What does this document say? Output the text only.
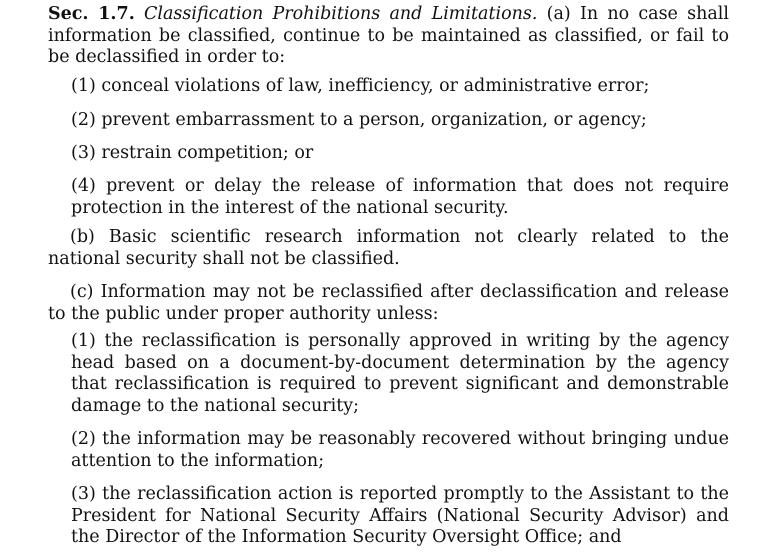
Sec. 1.7. Classification Prohibitions and Limitations. (a) In no case shall information be classified, continue to be maintained as classified, or fail to be declassified in order to:

(1) conceal violations of law, inefficiency, or administrative error;

(2) prevent embarrassment to a person, organization, or agency;

(3) restrain competition; or

(4) prevent or delay the release of information that does not require protection in the interest of the national security.

(b) Basic scientific research information not clearly related to the national security shall not be classified.

(c) Information may not be reclassified after declassification and release to the public under proper authority unless:

(1) the reclassification is personally approved in writing by the agency head based on a document-by-document determination by the agency that reclassification is required to prevent significant and demonstrable damage to the national security;

(2) the information may be reasonably recovered without bringing undue attention to the information;

(3) the reclassification action is reported promptly to the Assistant to the President for National Security Affairs (National Security Advisor) and the Director of the Information Security Oversight Office; and
